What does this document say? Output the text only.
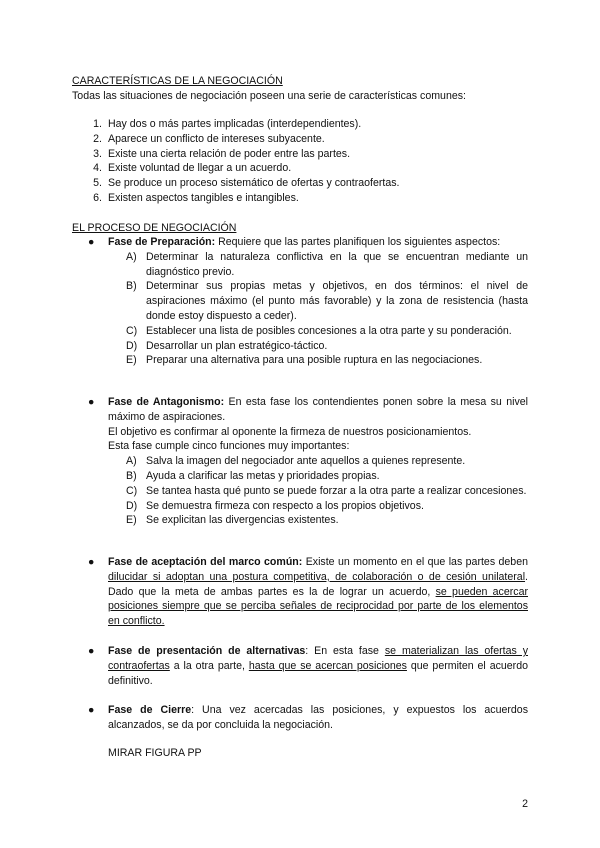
CARACTERÍSTICAS DE LA NEGOCIACIÓN
Todas las situaciones de negociación poseen una serie de características comunes:
1. Hay dos o más partes implicadas (interdependientes).
2. Aparece un conflicto de intereses subyacente.
3. Existe una cierta relación de poder entre las partes.
4. Existe voluntad de llegar a un acuerdo.
5. Se produce un proceso sistemático de ofertas y contraofertas.
6. Existen aspectos tangibles e intangibles.
EL PROCESO DE NEGOCIACIÓN
● Fase de Preparación: Requiere que las partes planifiquen los siguientes aspectos:

A) Determinar la naturaleza conflictiva en la que se encuentran mediante un diagnóstico previo.
B) Determinar sus propias metas y objetivos, en dos términos: el nivel de aspiraciones máximo (el punto más favorable) y la zona de resistencia (hasta donde estoy dispuesto a ceder).
C) Establecer una lista de posibles concesiones a la otra parte y su ponderación.
D) Desarrollar un plan estratégico-táctico.
E) Preparar una alternativa para una posible ruptura en las negociaciones.
● Fase de Antagonismo: En esta fase los contendientes ponen sobre la mesa su nivel máximo de aspiraciones.

El objetivo es confirmar al oponente la firmeza de nuestros posicionamientos.

Esta fase cumple cinco funciones muy importantes:

A) Salva la imagen del negociador ante aquellos a quienes represente.
B) Ayuda a clarificar las metas y prioridades propias.
C) Se tantea hasta qué punto se puede forzar a la otra parte a realizar concesiones.
D) Se demuestra firmeza con respecto a los propios objetivos.
E) Se explicitan las divergencias existentes.
● Fase de aceptación del marco común: Existe un momento en el que las partes deben dilucidar si adoptan una postura competitiva, de colaboración o de cesión unilateral. Dado que la meta de ambas partes es la de lograr un acuerdo, se pueden acercar posiciones siempre que se perciba señales de reciprocidad por parte de los elementos en conflicto.

● Fase de presentación de alternativas: En esta fase se materializan las ofertas y contraofertas a la otra parte, hasta que se acercan posiciones que permiten el acuerdo definitivo.

● Fase de Cierre: Una vez acercadas las posiciones, y expuestos los acuerdos alcanzados, se da por concluida la negociación.

MIRAR FIGURA PP
2
